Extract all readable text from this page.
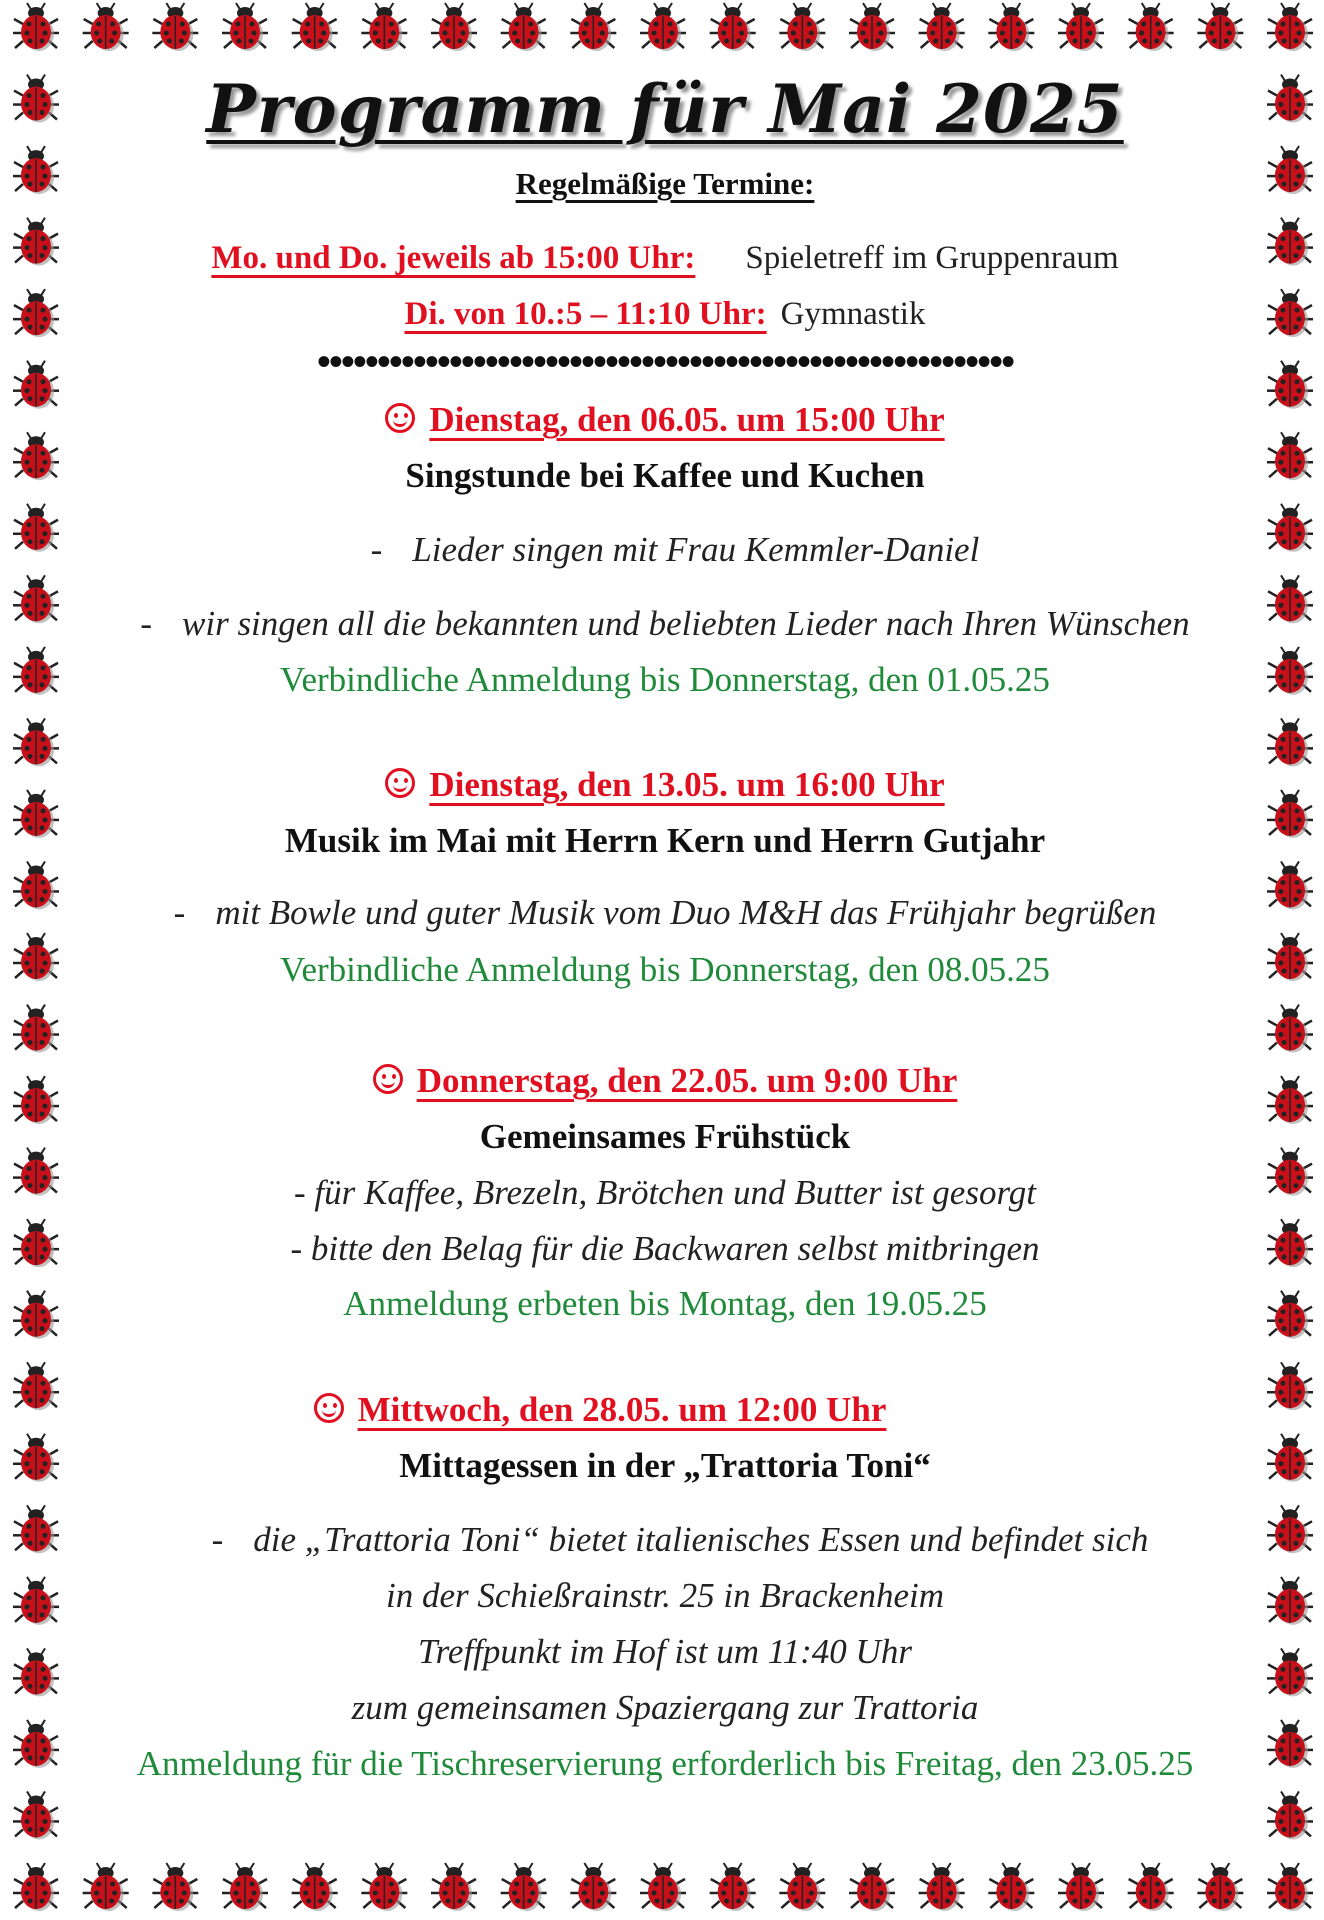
Programm für Mai 2025
Regelmäßige Termine:
Mo. und Do. jeweils ab 15:00 Uhr: Spieletreff im Gruppenraum
Di. von 10.:5 – 11:10 Uhr: Gymnastik
••••••••••••••••••••••••••••••••••••••••••••••••••••••••••
Dienstag, den 06.05. um 15:00 Uhr
Singstunde bei Kaffee und Kuchen
- Lieder singen mit Frau Kemmler-Daniel
- wir singen all die bekannten und beliebten Lieder nach Ihren Wünschen
Verbindliche Anmeldung bis Donnerstag, den 01.05.25
Dienstag, den 13.05. um 16:00 Uhr
Musik im Mai mit Herrn Kern und Herrn Gutjahr
- mit Bowle und guter Musik vom Duo M&H das Frühjahr begrüßen
Verbindliche Anmeldung bis Donnerstag, den 08.05.25
Donnerstag, den 22.05. um 9:00 Uhr
Gemeinsames Frühstück
- für Kaffee, Brezeln, Brötchen und Butter ist gesorgt
- bitte den Belag für die Backwaren selbst mitbringen
Anmeldung erbeten bis Montag, den 19.05.25
Mittwoch, den 28.05. um 12:00 Uhr
Mittagessen in der „Trattoria Toni“
- die „Trattoria Toni“ bietet italienisches Essen und befindet sich
in der Schießrainstr. 25 in Brackenheim
Treffpunkt im Hof ist um 11:40 Uhr
zum gemeinsamen Spaziergang zur Trattoria
Anmeldung für die Tischreservierung erforderlich bis Freitag, den 23.05.25
